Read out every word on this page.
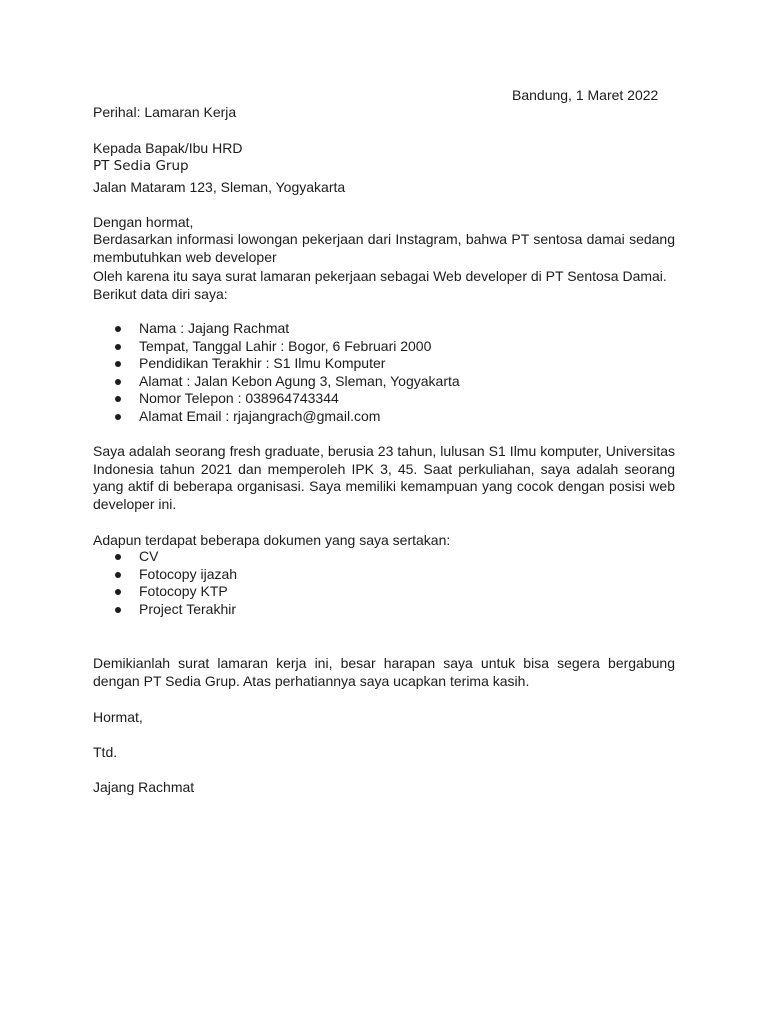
Bandung, 1 Maret 2022
Perihal: Lamaran Kerja
Kepada Bapak/Ibu HRD
PT Sedia Grup
Jalan Mataram 123, Sleman, Yogyakarta
Dengan hormat,
Berdasarkan informasi lowongan pekerjaan dari Instagram, bahwa PT sentosa damai sedang membutuhkan web developer
Oleh karena itu saya surat lamaran pekerjaan sebagai Web developer di PT Sentosa Damai.
Berikut data diri saya:
Nama : Jajang Rachmat
Tempat, Tanggal Lahir : Bogor, 6 Februari 2000
Pendidikan Terakhir : S1 Ilmu Komputer
Alamat : Jalan Kebon Agung 3, Sleman, Yogyakarta
Nomor Telepon : 038964743344
Alamat Email : rjajangrach@gmail.com
Saya adalah seorang fresh graduate, berusia 23 tahun, lulusan S1 Ilmu komputer, Universitas Indonesia tahun 2021 dan memperoleh IPK 3, 45. Saat perkuliahan, saya adalah seorang yang aktif di beberapa organisasi. Saya memiliki kemampuan yang cocok dengan posisi web developer ini.
Adapun terdapat beberapa dokumen yang saya sertakan:
CV
Fotocopy ijazah
Fotocopy KTP
Project Terakhir
Demikianlah surat lamaran kerja ini, besar harapan saya untuk bisa segera bergabung dengan PT Sedia Grup. Atas perhatiannya saya ucapkan terima kasih.
Hormat,
Ttd.
Jajang Rachmat
